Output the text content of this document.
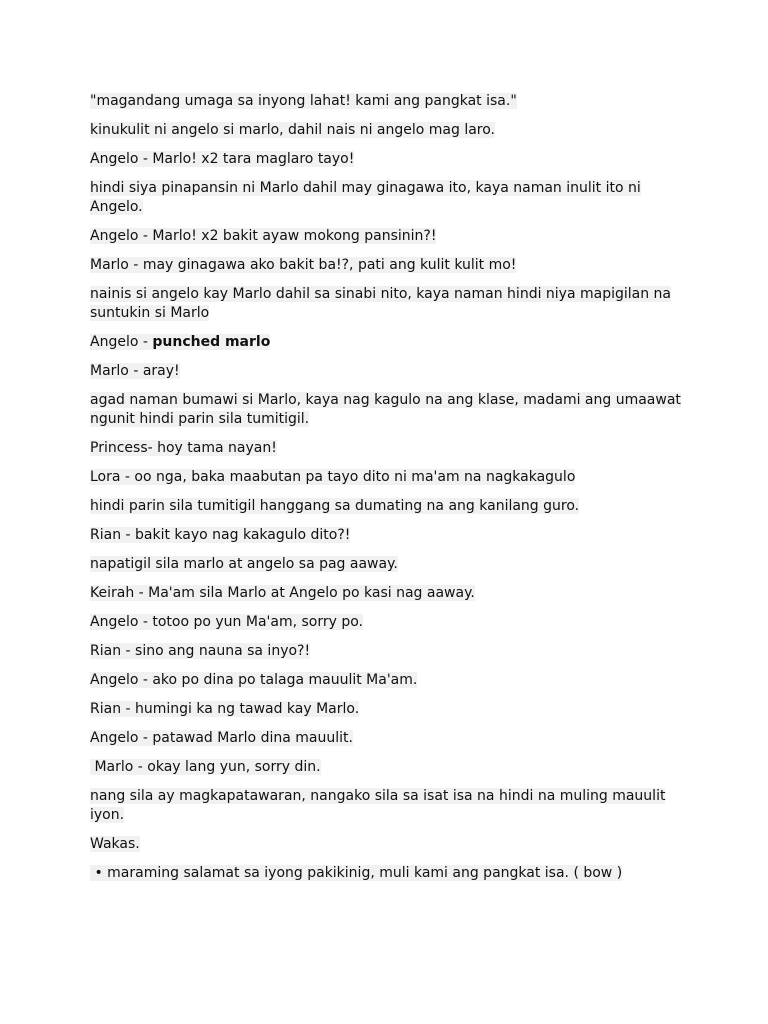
"magandang umaga sa inyong lahat! kami ang pangkat isa."

kinukulit ni angelo si marlo, dahil nais ni angelo mag laro.

Angelo - Marlo! x2 tara maglaro tayo!

hindi siya pinapansin ni Marlo dahil may ginagawa ito, kaya naman inulit ito ni Angelo.

Angelo - Marlo! x2 bakit ayaw mokong pansinin?!

Marlo - may ginagawa ako bakit ba!?, pati ang kulit kulit mo!

nainis si angelo kay Marlo dahil sa sinabi nito, kaya naman hindi niya mapigilan na suntukin si Marlo

Angelo - punched marlo

Marlo - aray!

agad naman bumawi si Marlo, kaya nag kagulo na ang klase, madami ang umaawat ngunit hindi parin sila tumitigil.

Princess- hoy tama nayan!

Lora - oo nga, baka maabutan pa tayo dito ni ma'am na nagkakagulo

hindi parin sila tumitigil hanggang sa dumating na ang kanilang guro.

Rian - bakit kayo nag kakagulo dito?!

napatigil sila marlo at angelo sa pag aaway.

Keirah - Ma'am sila Marlo at Angelo po kasi nag aaway.

Angelo - totoo po yun Ma'am, sorry po.

Rian - sino ang nauna sa inyo?!

Angelo - ako po dina po talaga mauulit Ma'am.

Rian - humingi ka ng tawad kay Marlo.

Angelo - patawad Marlo dina mauulit.

Marlo - okay lang yun, sorry din.

nang sila ay magkapatawaran, nangako sila sa isat isa na hindi na muling mauulit iyon.

Wakas.

• maraming salamat sa iyong pakikinig, muli kami ang pangkat isa. ( bow )
